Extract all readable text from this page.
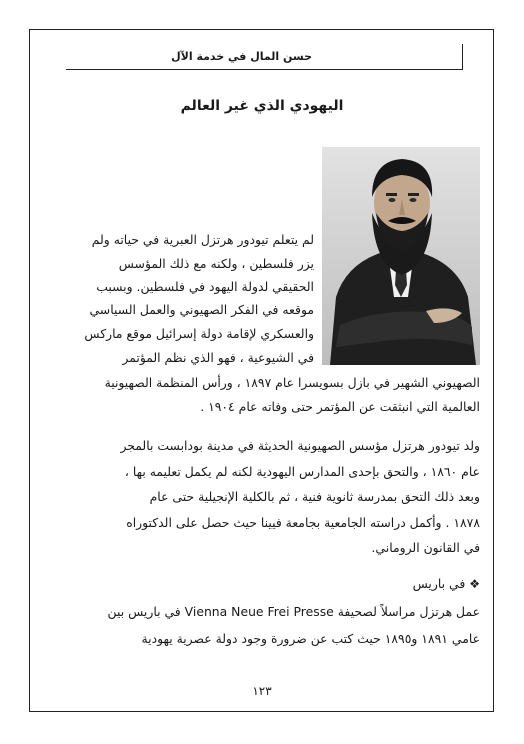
حسن المال في خدمة الآل
اليهودي الذي غير العالم
لم يتعلم تيودور هرتزل العبرية في حياته ولم
يزر فلسطين ، ولكنه مع ذلك المؤسس
الحقيقي لدولة اليهود في فلسطين. وبسبب
موقعه في الفكر الصهيوني والعمل السياسي
والعسكري لإقامة دولة إسرائيل موقع ماركس
في الشيوعية ، فهو الذي نظم المؤتمر
الصهيوني الشهير في بازل بسويسرا عام ١٨٩٧ ، ورأس المنظمة الصهيونية
العالمية التي انبثقت عن المؤتمر حتى وفاته عام ١٩٠٤ .
ولد تيودور هرتزل مؤسس الصهيونية الحديثة في مدينة بودابست بالمجر
عام ١٨٦٠ ، والتحق بإحدى المدارس اليهودية لكنه لم يكمل تعليمه بها ،
وبعد ذلك التحق بمدرسة ثانوية فنية ، ثم بالكلية الإنجيلية حتى عام
١٨٧٨ . وأكمل دراسته الجامعية بجامعة فيينا حيث حصل على الدكتوراه
في القانون الروماني.
❖ في باريس
عمل هرتزل مراسلاً لصحيفة Vienna Neue Frei Presse في باريس بين
عامي ١٨٩١ و١٨٩٥ حيث كتب عن ضرورة وجود دولة عصرية يهودية
١٢٣
